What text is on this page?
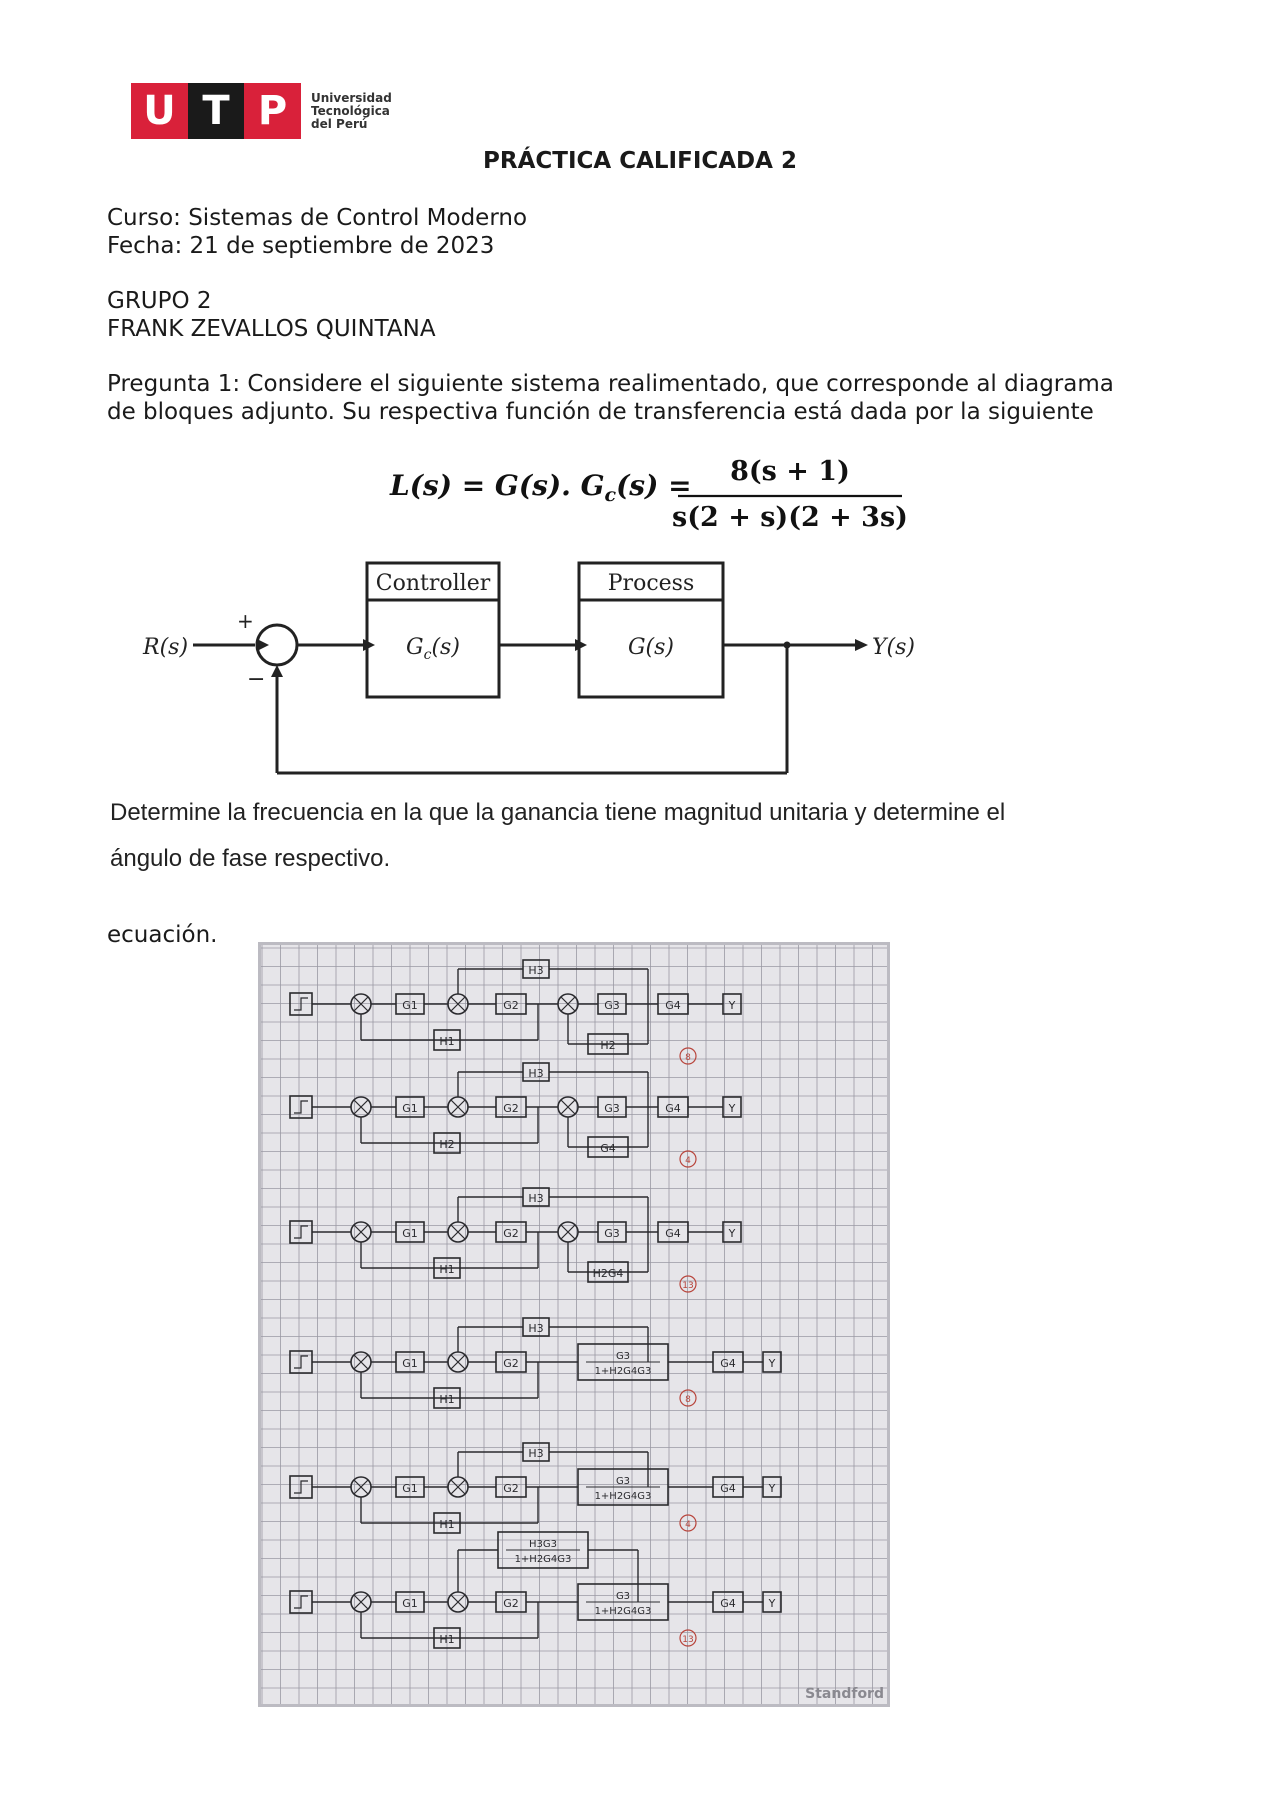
U T P	Universidad
Tecnológica
del Perú
PRÁCTICA CALIFICADA 2
Curso: Sistemas de Control Moderno
Fecha: 21 de septiembre de 2023
GRUPO 2
FRANK ZEVALLOS QUINTANA
Pregunta 1: Considere el siguiente sistema realimentado, que corresponde al diagrama
de bloques adjunto. Su respectiva función de transferencia está dada por la siguiente
L(s) = G(s). $G_c(s) = 8(s + 1)$
s(2 + s)(2 + 3s)
R(s)	Y(s)
+
−
Controller
$G_c(s)$
Process
G(s)
Determine la frecuencia en la que la ganancia tiene magnitud unitaria y determine el
ángulo de fase respectivo.
ecuación.
G1	G2	G3	G4	Y
H1	H2
H3
8
G1	G2	G3	G4	Y
H2	G4
H3
4
G1	G2	G3	G4	Y
H1	H2G4
H3
13
G1	G2
G3
1+H2G4G3
G4	Y
H1
H3
8
G1	G2
G3
1+H2G4G3
G4	Y
H1
H3
4
G1	G2
G3
1+H2G4G3
G4	Y
H1
H3G3
1+H2G4G3
13
Standford
